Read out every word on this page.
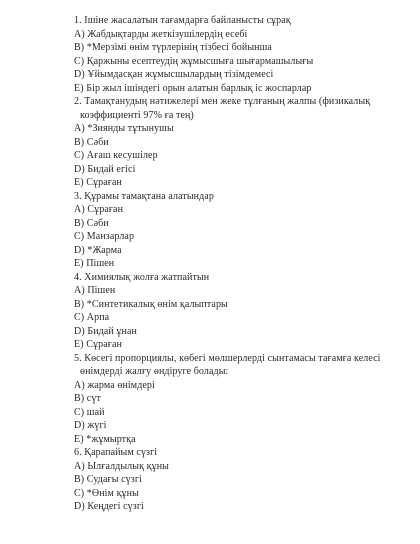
1. Ішіне жасалатын тағамдарға байланысты сұрақ
A) Жабдықтарды жеткізушілердің есебі
B) *Мерзімі өнім түрлерінің тізбесі бойынша
C) Қаржыны есептеудің жұмысшыға шығармашылығы
D) Ұйымдасқан жұмысшылардың тізімдемесі
E) Бір жыл ішіндегі орын алатын барлық іс жоспарлар
2. Тамақтанудың нәтижелері мен жеке тұлғаның жалпы (физикалық
коэффициенті 97% ға тең)
A) *Зиянды тұтынушы
B) Сәби
C) Ағаш кесушілер
D) Бидай егісі
E) Сұраған
3. Құрамы тамақтана алатындар
A) Сұраған
B) Сәби
C) Манзарлар
D) *Жарма
E) Пішен
4. Химиялық жолға жатпайтын
A) Пішен
B) *Синтетикалық өнім қалыптары
C) Арпа
D) Бидай ұнан
E) Сұраған
5. Көсегі пропорциялы, көбегі мөлшерлерді сынтамасы тағамға келесі
өнімдерді жалғу өндіруге болады:
A) жарма өнімдері
B) сүт
C) шай
D) жүгі
E) *жұмыртқа
6. Қарапайым сүзгі
A) Ылғалдылық құны
B) Судағы сүзгі
C) *Өнім құны
D) Кеңдегі сүзгі
